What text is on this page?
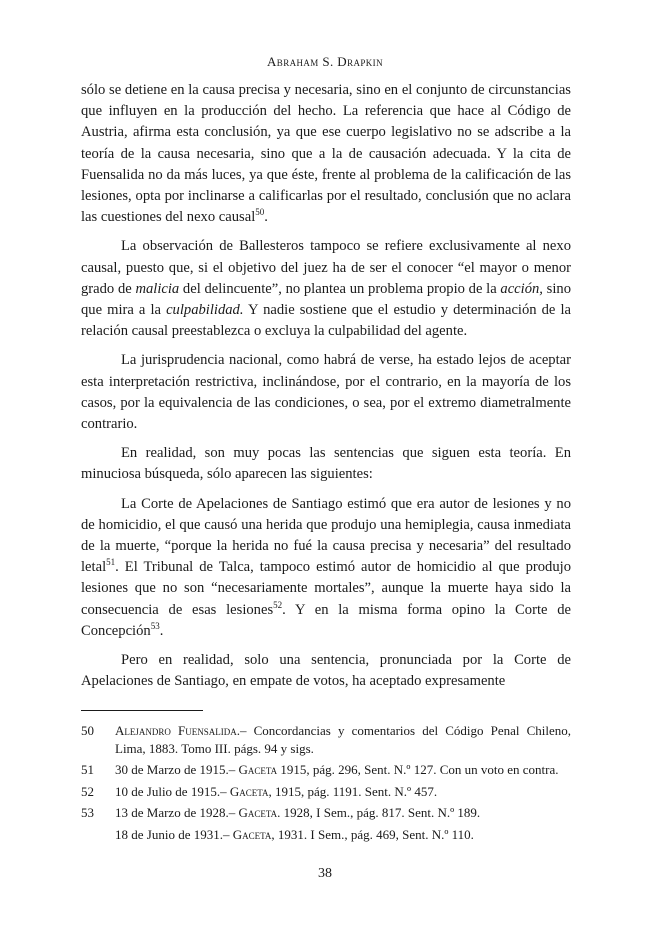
Abraham S. Drapkin

sólo se detiene en la causa precisa y necesaria, sino en el conjunto de circunstancias que influyen en la producción del hecho. La referencia que hace al Código de Austria, afirma esta conclusión, ya que ese cuerpo legislativo no se adscribe a la teoría de la causa necesaria, sino que a la de causación adecuada. Y la cita de Fuensalida no da más luces, ya que éste, frente al problema de la calificación de las lesiones, opta por inclinarse a calificarlas por el resultado, conclusión que no aclara las cuestiones del nexo causal$^{50}$.

La observación de Ballesteros tampoco se refiere exclusivamente al nexo causal, puesto que, si el objetivo del juez ha de ser el conocer “el mayor o menor grado de malicia del delincuente”, no plantea un problema propio de la acción, sino que mira a la culpabilidad. Y nadie sostiene que el estudio y determinación de la relación causal preestablezca o excluya la culpabilidad del agente.

La jurisprudencia nacional, como habrá de verse, ha estado lejos de aceptar esta interpretación restrictiva, inclinándose, por el contrario, en la mayoría de los casos, por la equivalencia de las condiciones, o sea, por el extremo diametralmente contrario.

En realidad, son muy pocas las sentencias que siguen esta teoría. En minuciosa búsqueda, sólo aparecen las siguientes:

La Corte de Apelaciones de Santiago estimó que era autor de lesiones y no de homicidio, el que causó una herida que produjo una hemiplegia, causa inmediata de la muerte, “porque la herida no fué la causa precisa y necesaria” del resultado letal$^{51}$. El Tribunal de Talca, tampoco estimó autor de homicidio al que produjo lesiones que no son “necesariamente mortales”, aunque la muerte haya sido la consecuencia de esas lesiones$^{52}$. Y en la misma forma opino la Corte de Concepción$^{53}$.

Pero en realidad, solo una sentencia, pronunciada por la Corte de Apelaciones de Santiago, en empate de votos, ha aceptado expresamente

50	Alejandro Fuensalida.– Concordancias y comentarios del Código Penal Chileno, Lima, 1883. Tomo III. págs. 94 y sigs.
51	30 de Marzo de 1915.– Gaceta 1915, pág. 296, Sent. N.º 127. Con un voto en contra.
52	10 de Julio de 1915.– Gaceta, 1915, pág. 1191. Sent. N.º 457.
53	13 de Marzo de 1928.– Gaceta. 1928, I Sem., pág. 817. Sent. N.º 189.
18 de Junio de 1931.– Gaceta, 1931. I Sem., pág. 469, Sent. N.º 110.
38
